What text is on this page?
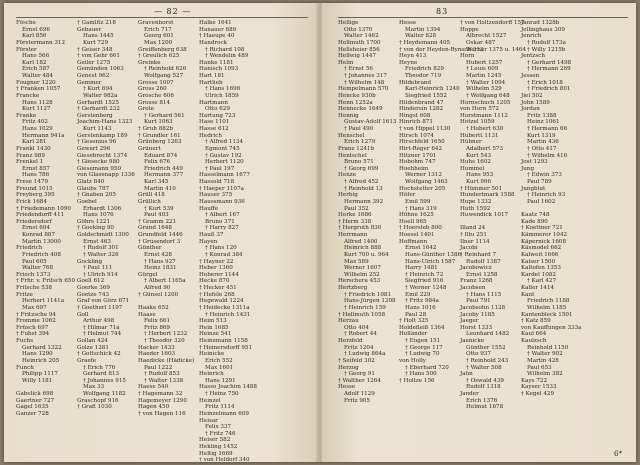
— 82 —
Fösche
Ernst 696
Karl 856
Förstermann 312
Förster
Hans 566
Karl 182
Erich 587
Walter 484
Fougner 1220
† Franken 1057
Francke
Hans 1128
Kurt 1127
Franke
Fritz 402
Hans 1029
Hermann 941a
Karl 281
Frankl 1430
Franz 989
Frenkel 1
Ernst 857
Hans 786
Frese 1479
Freund 1015
Freyberg 395
Frick 1684
† Friedemann 1090
Friedendorff 411
Friedersdorf
Ernst 604
Konrad 887
Martin 13000
Friedrich
Friedrich 408
Paul 605
Walter 768
Friech 1373
† Frhr. v. Fritsch 650
Fritsche 538
Fritze
Herbert 1141a
Max 697
† Fritzsche 94
Fromme 1062
Früsch 697
† Fubst 394
Fuchs
Gerhard 1322
Hans 1290
Heinrich 205
Funch
Philipp 1117
Willy 1181

Gabelick 698
Gaertner 727
Gagel 1635
Ganzer 728
† Gamlitz 218
Gebauer
Hans 1445
Kurt 729
† Geiser 348
† von Gehr 661
Geiler 1275
Gemünden 1063
Genest 962
Gemmer
† Kurt 694
Walter 982a
Gerhardt 1525
† Gerhardt 232
Gerstenberg
Joachim-Hans 1323
Kurt 1143
Gerstenkamp 189
† Gesenius 96
Gewert 296
Giesebrecht 1374
† Giesecke 980
Giesemann 950
von Glasenapp 1336
Glatz 840
Glaubs 787
† Gnaben 205
Goebel
Erhardt 1306
Hans 1076
Göhrs 1221
† Goeking 90
Goldschmidt 1300
Ernst 463
† Rudolf 301
† Walter 326
Gockling
† Paul 111
† Ulrich 914
Goell 612
Goerke 369
Goetze 743
Graf von Görz 671
† Goetherl 1197
Goll
Arthur 498
† Hilmar 71a
† Helmut 744
Gollan 424
Golze 1281
† Gottschick 42
Graefe
† Erich 776
Gerhard 813
† Johannes 915
Max 33
Wolfgang 1182
Graschopf 916
† Grafl 1030
Gravenhorst
Erich 717
Georg 601
Max 1200
Greiffenberg 638
† Greulich 625
Greinke
† Reinhold 626
Wolfgang 527
Grosse 1007
Gross 260
Grosche 606
Grosse 814
Grote
† Gerhard 561
Kurt 1063
† Gruh 882b
† Grundler 161
Grünberg 1263
Grünert
Eduard 874
Felix 676
Friedrich 449
Hermann 377
Karl 345
Martin 410
Grüll 418
Grüllich
† Kurt 539
Paul 403
† Gramm 221
Grund 1648
Grundfeld 1446
† Grusendorf 3
Günther
Ernst 428
† Hans 927
Heinz 1831
Gürgel
† Albert 1165a
Alfred 90
† Günsel 1200

Haake 652
Haase
Felix 661
Fritz 869
† Herbert 1232
† Theodor 320
Hacker 1433
Haeder 1603
Haedicke (Hädicke)
Paul 1222
† Rudolf 853
† Walter 1338
Haese 540
† Hagemann 32
Hagemeyer 1290
Hagen 450
† von Hagen 116
Halke 1641
Hanauer 689
† Haeupe 40
Handrock
† Richard 108
† Wendelin 489
Hanke 1181
Hanisch 1093
Hart 181
Hartlieb
† Hans 1696
Ulrich 1859
Hartmann
Otto 629
Hartung 723
Hase 1101
Hasse 612
Hedrich
† Alfred 1134
Egmont 745
† Gustav 192
Herbert 1120
† Paul 197
Hasselmann 1677
Hassold 718
† Haeper 1107a
Hauser 375
Haussmann 936
Hauffe
† Albert 167
Bruno 371
† Harry 827
Hauß 37
Hayen
† Hans 120
† Konrad 384
† Hayner 22
Heber 1360
Heberer 1144
Hecke 870
† Hecker 451
† Hefele 268
Hegewald 1224
† Heidecke 1311a
† Heinrich 1431
Heim 513
Hein 1685
Heinze 541
Heinemann 1158
† Heinersdorff 951
Heinicke
Erich 552
Max 1601
Heinrich
Hans 1291
Hasso Joachim 1488
† Heinz 750
Heinzel
Fritz 1114
Heinzelmann 609
Heisar
Felix 337
† Fritz 746
Heiser 582
Hekling 1452
Heltig 1669
† von Heldorf 340
83
Hellige
Otto 1370
Walter 1462
Hellmuth 1700
Hellsheier 856
Hellwig 1447
Helm
† Ernst 56
† Johannes 317
† Wilhelm 148
Hempelmann 570
Hencke 930b
Henn 1252a
Hennecke 1649
Hennig
Gustav-Adolf 1613
† Paul 490
Henschel
Erich 1279
Franz 1241b
Hentschel
Bruno 571
† Georg 699
Henze
† Alfred 452
† Reinhold 13
Herbig
Hermann 392
Paul 352
Herke 1686
† Herm 338
† Hergroth 830
Herrmann
Alfred 1400
Heinrich 888
Kurt 700 u. 964
Max 589
Werner 1607
Wilhelm 252
Herschera 453
Hertzberg
† Friedrich 1081
Hans-Jürgen 1208
† Heinrich 159
† Hellmuth 1058
Herzau
Otto 404
† Robert 44
Herzfeld
Fritz 1204
† Ludwig 864a
† Seifeld 302
Herzog
† Georg 91
† Walther 1264
Hesse
Adolf 1129
Fritz 905
Hesse
Martin 1394
Walter 828
† Heydemann 405
† von der Heyden-Rynsch 313
Heyn 413
Heyne
Friedrich 829
Theodor 719
Hildebrand
Karl-Heinrich 1240
Siegfried 1552
Hildenbrand 47
Hindersin 1282
Hingst 608
Hinrich 871
† von Hippel 1130
Hirsch 1074
Hirschfeld 1650
Hirt-Reger 642
Hitzner 1701
Hobohm 747
Hoehheim
Werner 1312
Wolfgang 1463
Hochstetter 205
Höfer
Emil 599
† Hans 319
Höhne 1625
Hoell 965
† Hoersleb 800
Hoesel 1401
Hoffmann
Ernst 1642
Hans-Günther 1386
Hans-Ulrich 1587
Harry 1481
† Heinrich 72
Siegfried 916
† Werner 1248
Emil 229
† Fritz 984a
Hans 1016
Paul 28
† Holt 325
Holdefleiß 1364
Holländer
† Eugen 151
† George 117
† Ludwig 70
von Holly
† Eberhard 720
† Hans 500
† Holtze 156
† von Holtzendorff 157
Hoppe
Albrecht 1527
Oskar 487
Werner 1375 u. 1464
Horn
Hubert 1257
† Louis 609
Martin 1245
† Walter 1094
Wilhelm 529
† Wolfgang 648
Hornschuch 1205
von Horn 572
Horstmann 1112
Hotzel 1059
† Hubert 630
Hubertt 1131
Hübner
Adalbert 573
Kurt 543
Huhs 1602
Hummel
Hans 953
Kurt 996
† Hümmer 501
Hundertmark 1588
Hupe 1332
Huth 1592
Huwendick 1017

Illand 24
† Iltu 251
Ilner 1114
Jacobi
† Reinhard 7
Rudolf 1387
Jacobowicz
Ernst 1258
Franz 1268
Jacobsen
† Hans 1115
Paul 791
Jacobsohn 1128
Jacoby 1185
Jaeger
Horst 1333
Leonhard 1482
Jaenicke
Günther 1552
Otto 937
† Reinhold 243
† Walter 508
Jahn
† Oswald 439
Rudolf 1318
Jander
Erich 1376
Helmut 1678
Janrad 1328b
Jellinghaus 309
Jenrich
† Rudolf 173a
† Willy 1215b
Jentzsch
† Gerhard 1498
† Hermann 269
Jessen
† Erich 1018
† Friedrich 801
Jiel 502
John 1589
Jordan
Fritz 1388
Heinz 1061
† Hermann 66
Kurt 1319
Martin 436
† Otto 417
† Wilhelm 416
Jost 1293
Jung
† Edwin 373
Paul 789
Jungblut
† Heinrich 93
Paul 1602

Kaatz 748
Kade 890
† Koettner 721
Kämmerer 1042
Käpernick 1608
Käsmodel 662
Kalweit 1666
Kaiser 1500
Kaltofen 1353
Kardel 1082
† Karl 427
Kaller 1414
Kant
Friedrich 1188
Wilhelm 1185
Kantenbleck 1501
† Katz 859
von Kauffungen 333a
Kaul 664
Kaulzsch
Reinhold 1150
† Walter 902
Martin 428
Paul 653
Wilhelm 382
Kays 722
Kayser 1533
† Kegel 429
6*
